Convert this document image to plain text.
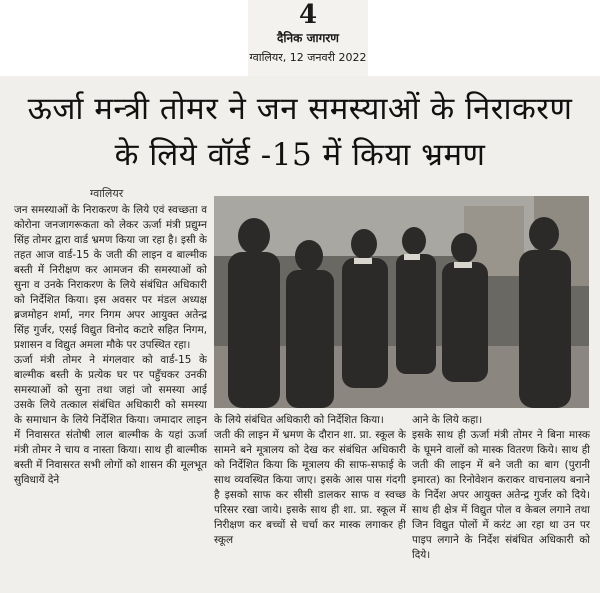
4
दैनिक जागरण
ग्वालियर, 12 जनवरी 2022
ऊर्जा मन्त्री तोमर ने जन समस्याओं के निराकरण
के लिये वॉर्ड -15 में किया भ्रमण
ग्वालियर

जन समस्याओं के निराकरण के लिये एवं स्वच्छता व कोरोना जनजागरूकता को लेकर ऊर्जा मंत्री प्रद्युम्न सिंह तोमर द्वारा वार्ड भ्रमण किया जा रहा है। इसी के तहत आज वार्ड-15 के जती की लाइन व बाल्मीक बस्ती में निरीक्षण कर आमजन की समस्याओं को सुना व उनके निराकरण के लिये संबंधित अधिकारी को निर्देशित किया। इस अवसर पर मंडल अध्यक्ष ब्रजमोहन शर्मा, नगर निगम अपर आयुक्त अतेन्द्र सिंह गुर्जर, एसई विद्युत विनोद कटारे सहित निगम, प्रशासन व विद्युत अमला मौके पर उपस्थित रहा।

ऊर्जा मंत्री तोमर ने मंगलवार को वार्ड-15 के बाल्मीक बस्ती के प्रत्येक घर पर पहुँचकर उनकी समस्याओं को सुना तथा जहां जो समस्या आई उसके लिये तत्काल संबंधित अधिकारी को समस्या के समाधान के लिये निर्देशित किया। जमादार लाइन में निवासरत संतोषी लाल बाल्मीक के यहां ऊर्जा मंत्री तोमर ने चाय व नास्ता किया। साथ ही बाल्मीक बस्ती में निवासरत सभी लोगों को शासन की मूलभूत सुविधायें देने

के लिये संबंधित अधिकारी को निर्देशित किया।

जती की लाइन में भ्रमण के दौरान शा. प्रा. स्कूल के सामने बने मूत्रालय को देख कर संबंधित अधिकारी को निर्देशित किया कि मूत्रालय की साफ-सफाई के साथ व्यवस्थित किया जाए। इसके आस पास गंदगी है इसको साफ कर सीसी डालकर साफ व स्वच्छ परिसर रखा जाये। इसके साथ ही शा. प्रा. स्कूल में निरीक्षण कर बच्चों से चर्चा कर मास्क लगाकर ही स्कूल

आने के लिये कहा।

इसके साथ ही ऊर्जा मंत्री तोमर ने बिना मास्क के घूमने वालों को मास्क वितरण किये। साथ ही जती की लाइन में बने जती का बाग (पुरानी इमारत) का रिनोवेशन कराकर वाचनालय बनाने के निर्देश अपर आयुक्त अतेन्द्र गुर्जर को दिये। साथ ही क्षेत्र में विद्युत पोल व केबल लगाने तथा जिन विद्युत पोलों में करंट आ रहा था उन पर पाइप लगाने के निर्देश संबंधित अधिकारी को दिये।
